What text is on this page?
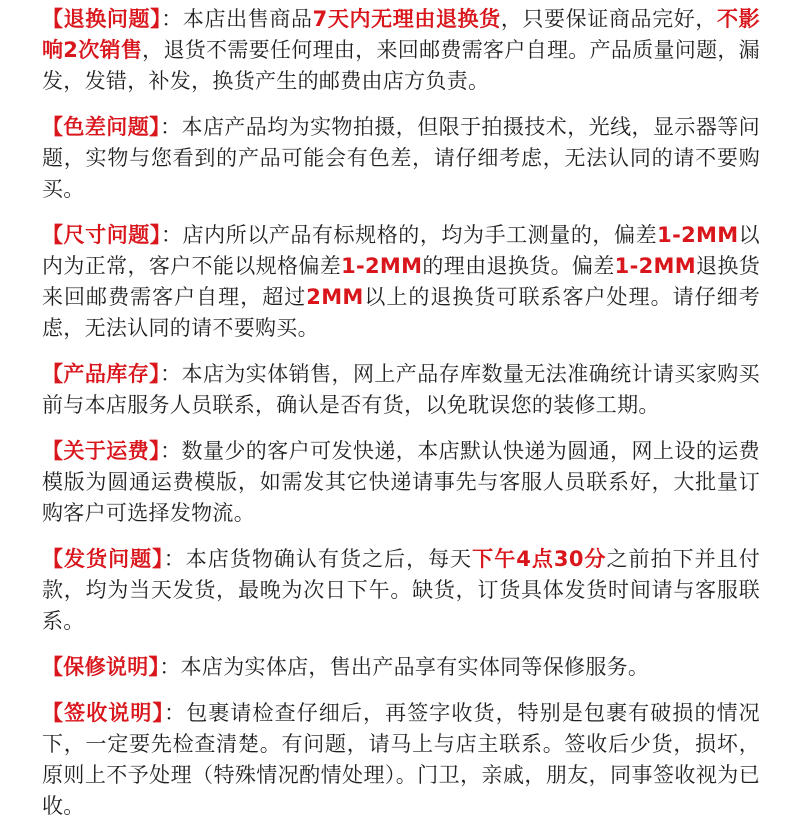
【退换问题】：本店出售商品7天内无理由退换货，只要保证商品完好，不影响2次销售，退货不需要任何理由，来回邮费需客户自理。产品质量问题，漏发，发错，补发，换货产生的邮费由店方负责。

【色差问题】：本店产品均为实物拍摄，但限于拍摄技术，光线，显示器等问题，实物与您看到的产品可能会有色差，请仔细考虑，无法认同的请不要购买。

【尺寸问题】：店内所以产品有标规格的，均为手工测量的，偏差1-2MM以内为正常，客户不能以规格偏差1-2MM的理由退换货。偏差1-2MM退换货来回邮费需客户自理，超过2MM以上的退换货可联系客户处理。请仔细考虑，无法认同的请不要购买。

【产品库存】：本店为实体销售，网上产品存库数量无法准确统计请买家购买前与本店服务人员联系，确认是否有货，以免耽误您的装修工期。

【关于运费】：数量少的客户可发快递，本店默认快递为圆通，网上设的运费模版为圆通运费模版，如需发其它快递请事先与客服人员联系好，大批量订购客户可选择发物流。

【发货问题】：本店货物确认有货之后，每天下午4点30分之前拍下并且付款，均为当天发货，最晚为次日下午。缺货，订货具体发货时间请与客服联系。

【保修说明】：本店为实体店，售出产品享有实体同等保修服务。

【签收说明】：包裹请检查仔细后，再签字收货，特别是包裹有破损的情况下，一定要先检查清楚。有问题，请马上与店主联系。签收后少货，损坏，原则上不予处理（特殊情况酌情处理）。门卫，亲戚，朋友，同事签收视为已收。
